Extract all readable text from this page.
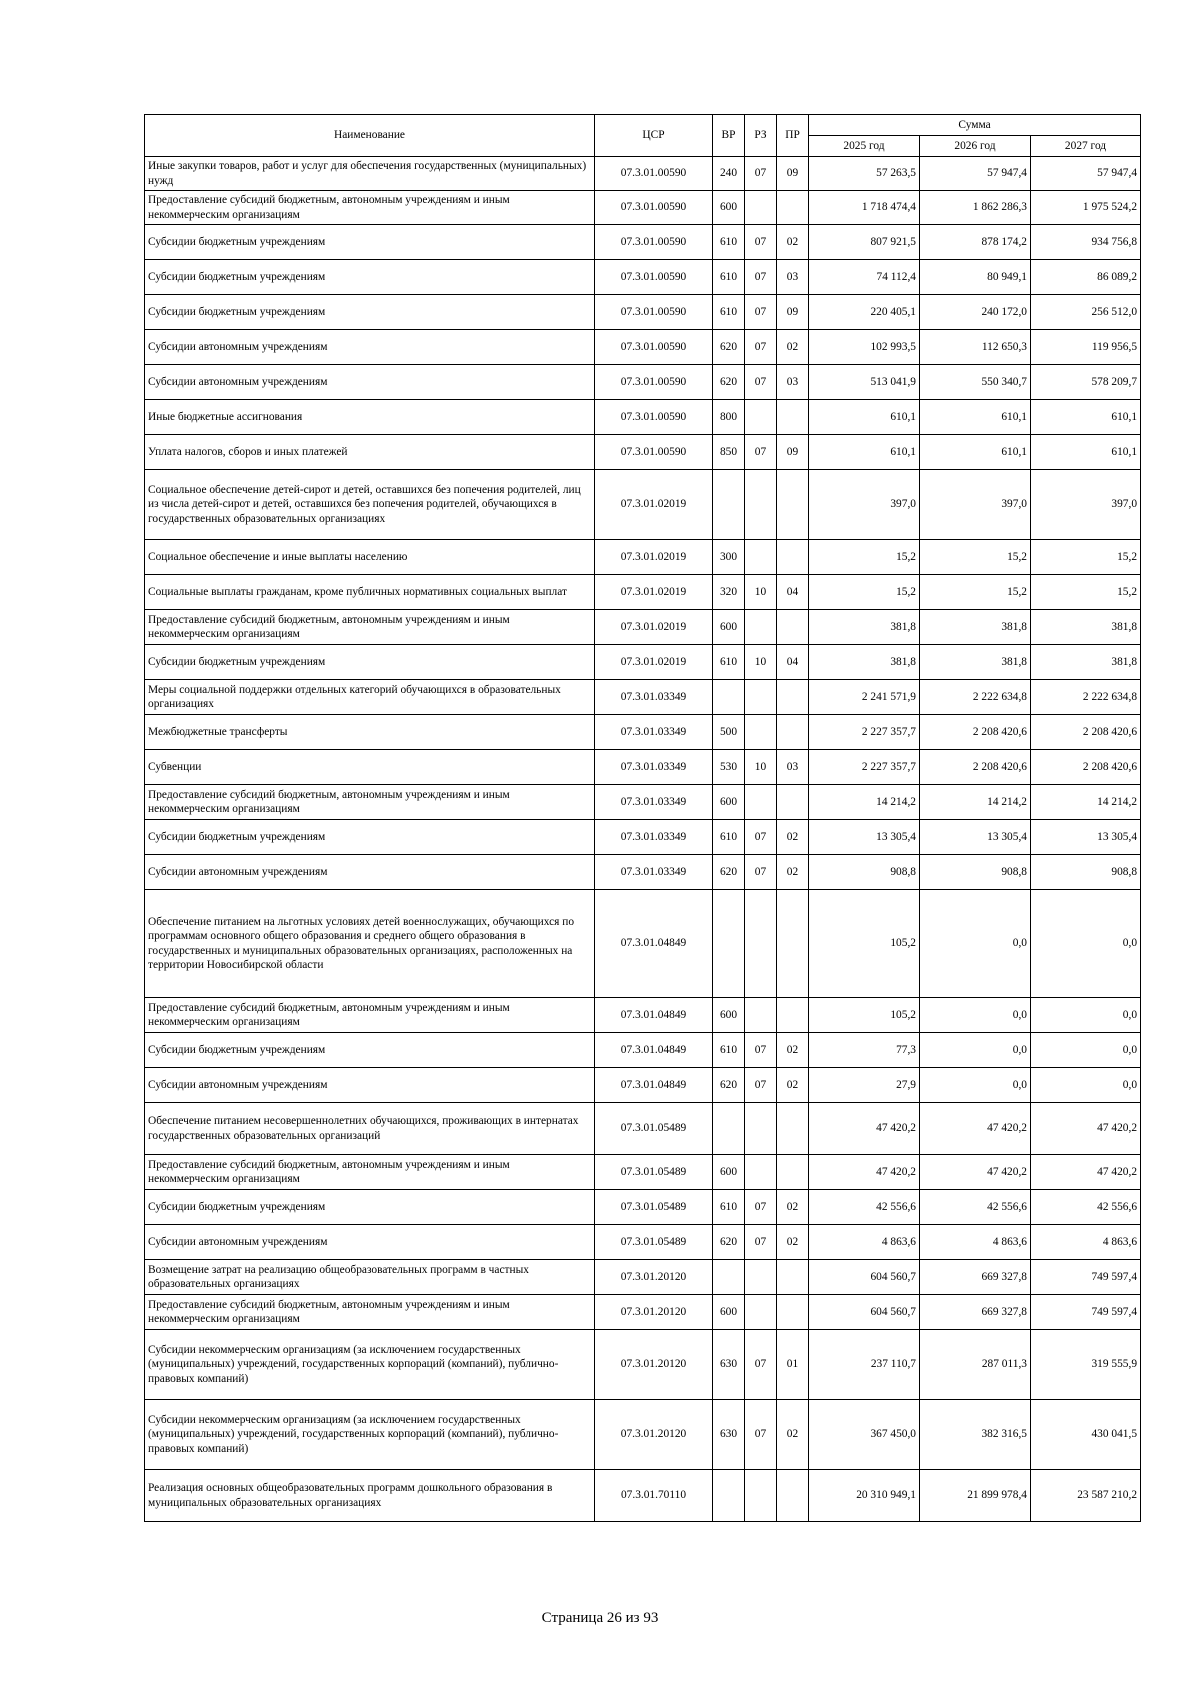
Наименование	ЦСР	ВР	РЗ	ПР	Сумма		
					2025 год	2026 год	2027 год
Иные закупки товаров, работ и услуг для обеспечения государственных (муниципальных) нужд	07.3.01.00590	240	07	09	57 263,5	57 947,4	57 947,4
Предоставление субсидий бюджетным, автономным учреждениям и иным некоммерческим организациям	07.3.01.00590	600			1 718 474,4	1 862 286,3	1 975 524,2
Субсидии бюджетным учреждениям	07.3.01.00590	610	07	02	807 921,5	878 174,2	934 756,8
Субсидии бюджетным учреждениям	07.3.01.00590	610	07	03	74 112,4	80 949,1	86 089,2
Субсидии бюджетным учреждениям	07.3.01.00590	610	07	09	220 405,1	240 172,0	256 512,0
Субсидии автономным учреждениям	07.3.01.00590	620	07	02	102 993,5	112 650,3	119 956,5
Субсидии автономным учреждениям	07.3.01.00590	620	07	03	513 041,9	550 340,7	578 209,7
Иные бюджетные ассигнования	07.3.01.00590	800			610,1	610,1	610,1
Уплата налогов, сборов и иных платежей	07.3.01.00590	850	07	09	610,1	610,1	610,1
Социальное обеспечение детей-сирот и детей, оставшихся без попечения родителей, лиц из числа детей-сирот и детей, оставшихся без попечения родителей, обучающихся в государственных образовательных организациях	07.3.01.02019				397,0	397,0	397,0
Социальное обеспечение и иные выплаты населению	07.3.01.02019	300			15,2	15,2	15,2
Социальные выплаты гражданам, кроме публичных нормативных социальных выплат	07.3.01.02019	320	10	04	15,2	15,2	15,2
Предоставление субсидий бюджетным, автономным учреждениям и иным некоммерческим организациям	07.3.01.02019	600			381,8	381,8	381,8
Субсидии бюджетным учреждениям	07.3.01.02019	610	10	04	381,8	381,8	381,8
Меры социальной поддержки отдельных категорий обучающихся в образовательных организациях	07.3.01.03349				2 241 571,9	2 222 634,8	2 222 634,8
Межбюджетные трансферты	07.3.01.03349	500			2 227 357,7	2 208 420,6	2 208 420,6
Субвенции	07.3.01.03349	530	10	03	2 227 357,7	2 208 420,6	2 208 420,6
Предоставление субсидий бюджетным, автономным учреждениям и иным некоммерческим организациям	07.3.01.03349	600			14 214,2	14 214,2	14 214,2
Субсидии бюджетным учреждениям	07.3.01.03349	610	07	02	13 305,4	13 305,4	13 305,4
Субсидии автономным учреждениям	07.3.01.03349	620	07	02	908,8	908,8	908,8
Обеспечение питанием на льготных условиях детей военнослужащих, обучающихся по программам основного общего образования и среднего общего образования в государственных и муниципальных образовательных организациях, расположенных на территории Новосибирской области	07.3.01.04849				105,2	0,0	0,0
Предоставление субсидий бюджетным, автономным учреждениям и иным некоммерческим организациям	07.3.01.04849	600			105,2	0,0	0,0
Субсидии бюджетным учреждениям	07.3.01.04849	610	07	02	77,3	0,0	0,0
Субсидии автономным учреждениям	07.3.01.04849	620	07	02	27,9	0,0	0,0
Обеспечение питанием несовершеннолетних обучающихся, проживающих в интернатах государственных образовательных организаций	07.3.01.05489				47 420,2	47 420,2	47 420,2
Предоставление субсидий бюджетным, автономным учреждениям и иным некоммерческим организациям	07.3.01.05489	600			47 420,2	47 420,2	47 420,2
Субсидии бюджетным учреждениям	07.3.01.05489	610	07	02	42 556,6	42 556,6	42 556,6
Субсидии автономным учреждениям	07.3.01.05489	620	07	02	4 863,6	4 863,6	4 863,6
Возмещение затрат на реализацию общеобразовательных программ в частных образовательных организациях	07.3.01.20120				604 560,7	669 327,8	749 597,4
Предоставление субсидий бюджетным, автономным учреждениям и иным некоммерческим организациям	07.3.01.20120	600			604 560,7	669 327,8	749 597,4
Субсидии некоммерческим организациям (за исключением государственных (муниципальных) учреждений, государственных корпораций (компаний), публично-правовых компаний)	07.3.01.20120	630	07	01	237 110,7	287 011,3	319 555,9
Субсидии некоммерческим организациям (за исключением государственных (муниципальных) учреждений, государственных корпораций (компаний), публично-правовых компаний)	07.3.01.20120	630	07	02	367 450,0	382 316,5	430 041,5
Реализация основных общеобразовательных программ дошкольного образования в муниципальных образовательных организациях	07.3.01.70110				20 310 949,1	21 899 978,4	23 587 210,2
Страница 26 из 93
